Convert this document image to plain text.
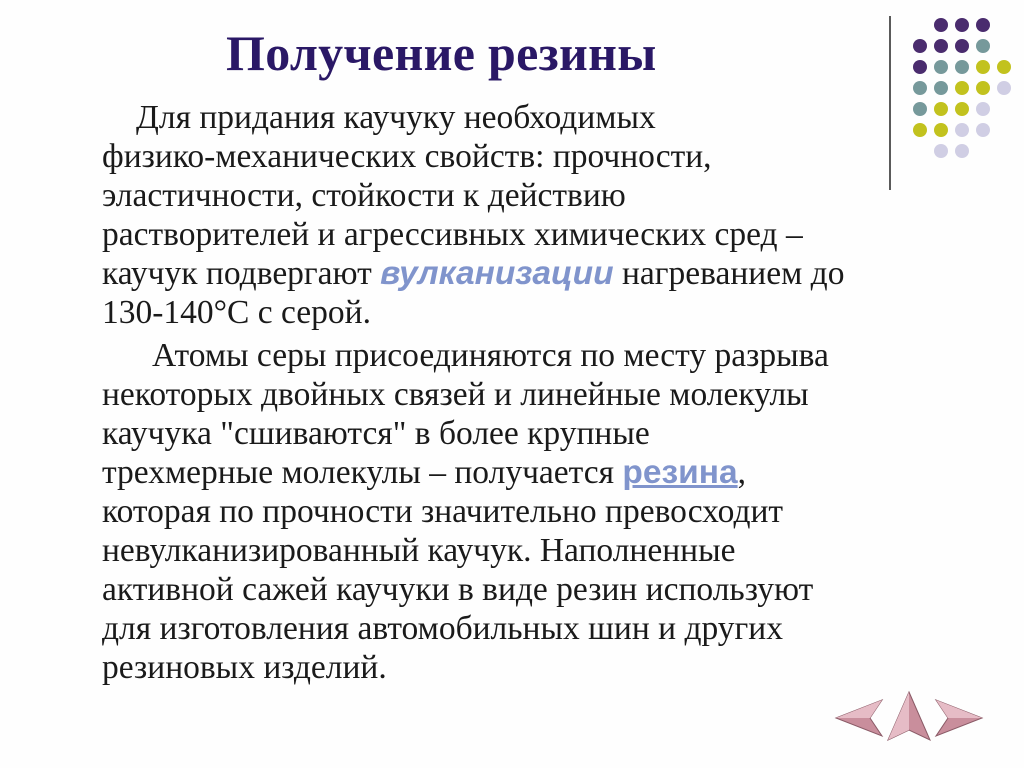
Получение резины
Для придания каучуку необходимых
физико-механических свойств: прочности,
эластичности, стойкости к действию
растворителей и агрессивных химических сред –
каучук подвергают вулканизации нагреванием до
130-140°С с серой.
Атомы серы присоединяются по месту разрыва
некоторых двойных связей и линейные молекулы
каучука "сшиваются" в более крупные
трехмерные молекулы – получается резина,
которая по прочности значительно превосходит
невулканизированный каучук. Наполненные
активной сажей каучуки в виде резин используют
для изготовления автомобильных шин и других
резиновых изделий.
